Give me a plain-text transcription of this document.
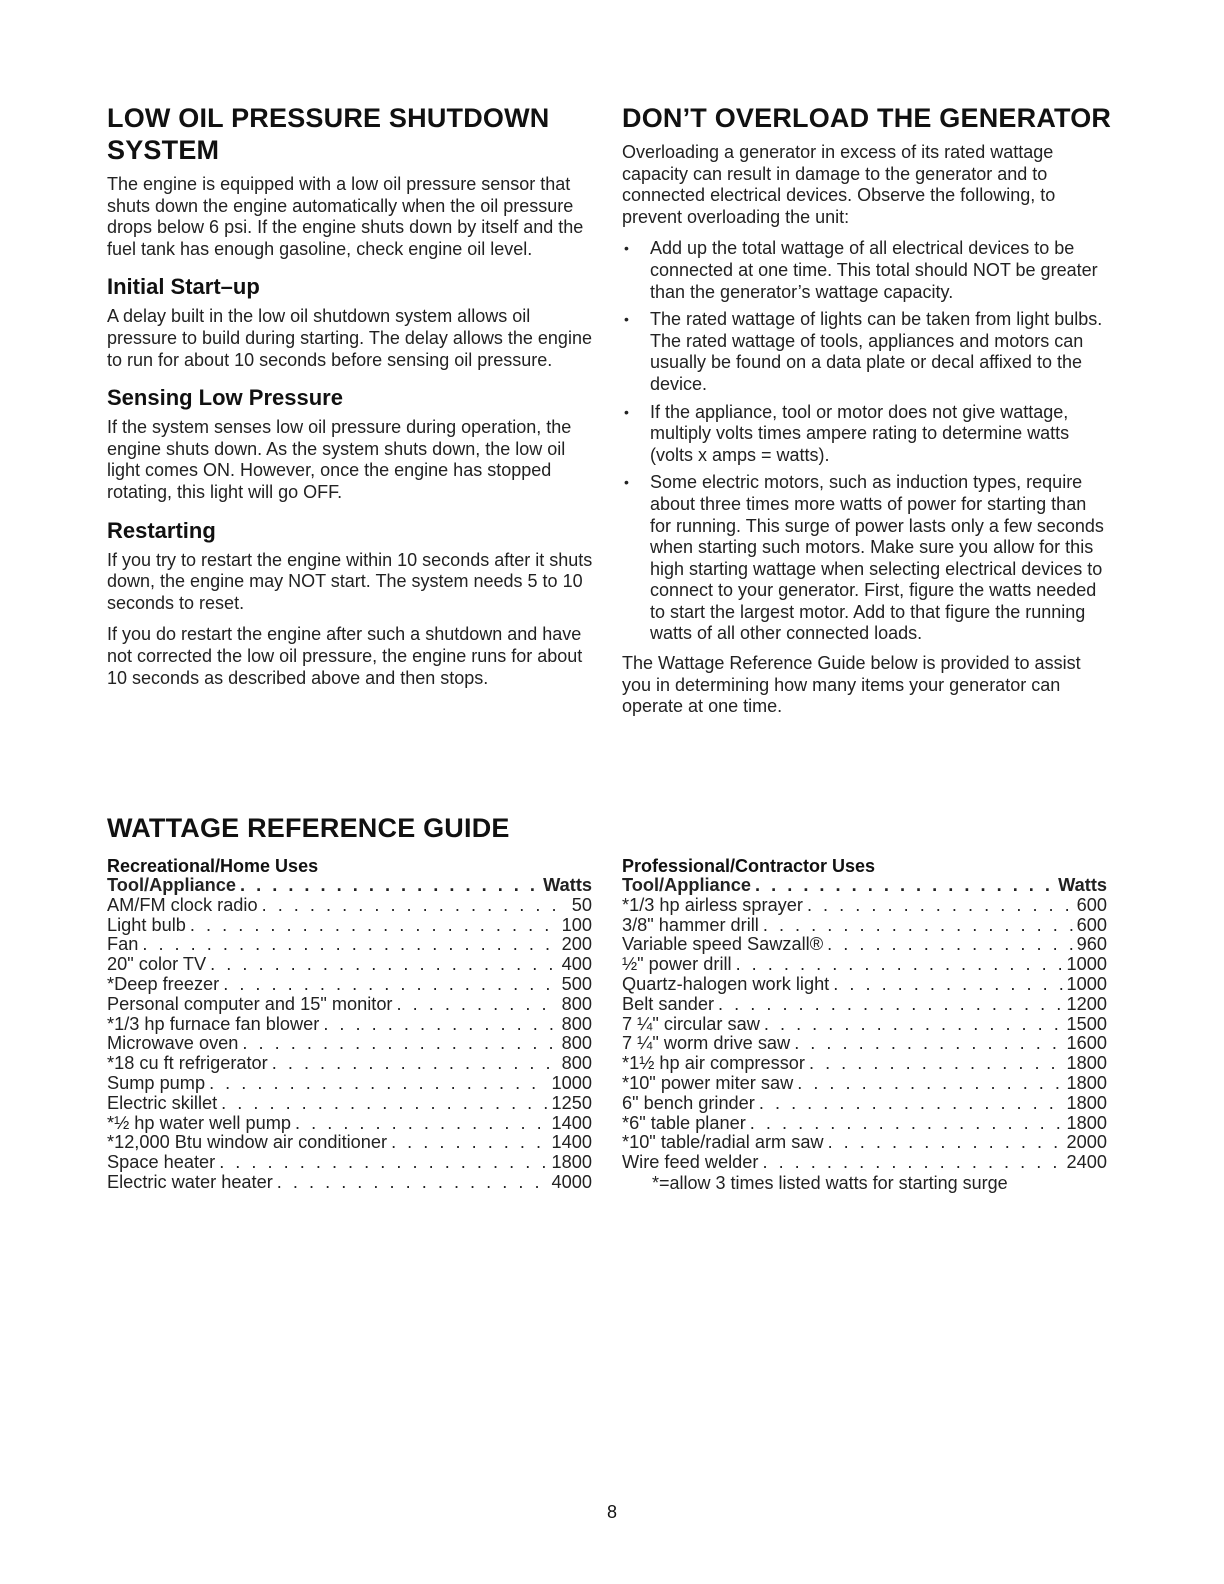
LOW OIL PRESSURE SHUTDOWN SYSTEM

The engine is equipped with a low oil pressure sensor that shuts down the engine automatically when the oil pressure drops below 6 psi. If the engine shuts down by itself and the fuel tank has enough gasoline, check engine oil level.

Initial Start–up

A delay built in the low oil shutdown system allows oil pressure to build during starting. The delay allows the engine to run for about 10 seconds before sensing oil pressure.

Sensing Low Pressure

If the system senses low oil pressure during operation, the engine shuts down. As the system shuts down, the low oil light comes ON. However, once the engine has stopped rotating, this light will go OFF.

Restarting

If you try to restart the engine within 10 seconds after it shuts down, the engine may NOT start. The system needs 5 to 10 seconds to reset.

If you do restart the engine after such a shutdown and have not corrected the low oil pressure, the engine runs for about 10 seconds as described above and then stops.

DON’T OVERLOAD THE GENERATOR

Overloading a generator in excess of its rated wattage capacity can result in damage to the generator and to connected electrical devices. Observe the following, to prevent overloading the unit:

• Add up the total wattage of all electrical devices to be connected at one time. This total should NOT be greater than the generator’s wattage capacity.
• The rated wattage of lights can be taken from light bulbs. The rated wattage of tools, appliances and motors can usually be found on a data plate or decal affixed to the device.
• If the appliance, tool or motor does not give wattage, multiply volts times ampere rating to determine watts (volts x amps = watts).
• Some electric motors, such as induction types, require about three times more watts of power for starting than for running. This surge of power lasts only a few seconds when starting such motors. Make sure you allow for this high starting wattage when selecting electrical devices to connect to your generator. First, figure the watts needed to start the largest motor. Add to that figure the running watts of all other connected loads.

The Wattage Reference Guide below is provided to assist you in determining how many items your generator can operate at one time.

WATTAGE REFERENCE GUIDE
Recreational/Home Uses
Tool/Appliance . . .	Watts
AM/FM clock radio . . .	50
Light bulb . . .	100
Fan . . .	200
20" color TV . . .	400
*Deep freezer . . .	500
Personal computer and 15" monitor . . .	800
*1/3 hp furnace fan blower . . .	800
Microwave oven . . .	800
*18 cu ft refrigerator . . .	800
Sump pump . . .	1000
Electric skillet . . .	1250
*½ hp water well pump . . .	1400
*12,000 Btu window air conditioner . . .	1400
Space heater . . .	1800
Electric water heater . . .	4000
Professional/Contractor Uses
Tool/Appliance . . .	Watts
*1/3 hp airless sprayer . . .	600
3/8" hammer drill . . .	600
Variable speed Sawzall® . . .	960
½" power drill . . .	1000
Quartz-halogen work light . . .	1000
Belt sander . . .	1200
7 ¼" circular saw . . .	1500
7 ¼" worm drive saw . . .	1600
*1½ hp air compressor . . .	1800
*10" power miter saw . . .	1800
6" bench grinder . . .	1800
*6" table planer . . .	1800
*10" table/radial arm saw . . .	2000
Wire feed welder . . .	2400
*=allow 3 times listed watts for starting surge
8
